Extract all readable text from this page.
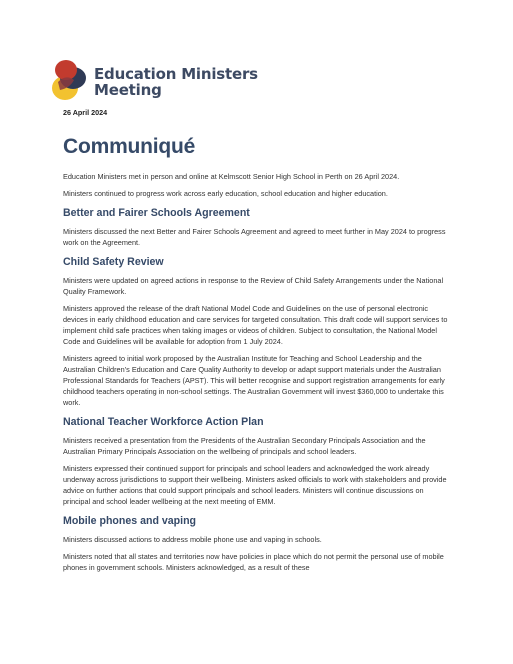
Education Ministers
Meeting
26 April 2024
Communiqué

Education Ministers met in person and online at Kelmscott Senior High School in Perth on 26 April 2024.

Ministers continued to progress work across early education, school education and higher education.

Better and Fairer Schools Agreement

Ministers discussed the next Better and Fairer Schools Agreement and agreed to meet further in May 2024 to progress work on the Agreement.

Child Safety Review

Ministers were updated on agreed actions in response to the Review of Child Safety Arrangements under the National Quality Framework.

Ministers approved the release of the draft National Model Code and Guidelines on the use of personal electronic devices in early childhood education and care services for targeted consultation. This draft code will support services to implement child safe practices when taking images or videos of children. Subject to consultation, the National Model Code and Guidelines will be available for adoption from 1 July 2024.

Ministers agreed to initial work proposed by the Australian Institute for Teaching and School Leadership and the Australian Children’s Education and Care Quality Authority to develop or adapt support materials under the Australian Professional Standards for Teachers (APST). This will better recognise and support registration arrangements for early childhood teachers operating in non-school settings. The Australian Government will invest $360,000 to undertake this work.

National Teacher Workforce Action Plan

Ministers received a presentation from the Presidents of the Australian Secondary Principals Association and the Australian Primary Principals Association on the wellbeing of principals and school leaders.

Ministers expressed their continued support for principals and school leaders and acknowledged the work already underway across jurisdictions to support their wellbeing. Ministers asked officials to work with stakeholders and provide advice on further actions that could support principals and school leaders. Ministers will continue discussions on principal and school leader wellbeing at the next meeting of EMM.

Mobile phones and vaping

Ministers discussed actions to address mobile phone use and vaping in schools.

Ministers noted that all states and territories now have policies in place which do not permit the personal use of mobile phones in government schools. Ministers acknowledged, as a result of these
